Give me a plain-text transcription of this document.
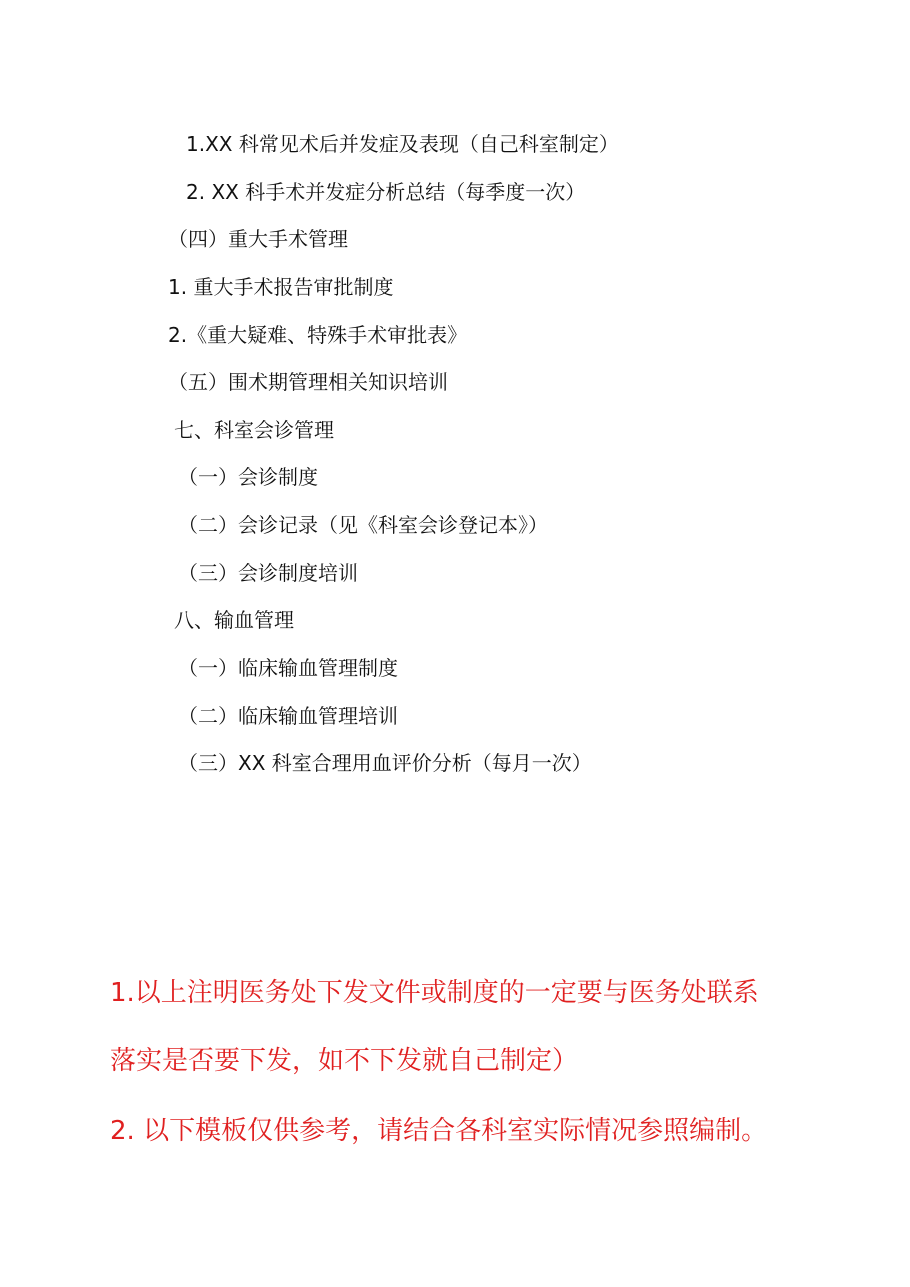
1.XX 科常见术后并发症及表现（自己科室制定）
2. XX 科手术并发症分析总结（每季度一次）
（四）重大手术管理
1. 重大手术报告审批制度
2.《重大疑难、特殊手术审批表》
（五）围术期管理相关知识培训
七、科室会诊管理
（一）会诊制度
（二）会诊记录（见《科室会诊登记本》）
（三）会诊制度培训
八、输血管理
（一）临床输血管理制度
（二）临床输血管理培训
（三）XX 科室合理用血评价分析（每月一次）
1.以上注明医务处下发文件或制度的一定要与医务处联系
落实是否要下发，如不下发就自己制定）
2. 以下模板仅供参考，请结合各科室实际情况参照编制。
